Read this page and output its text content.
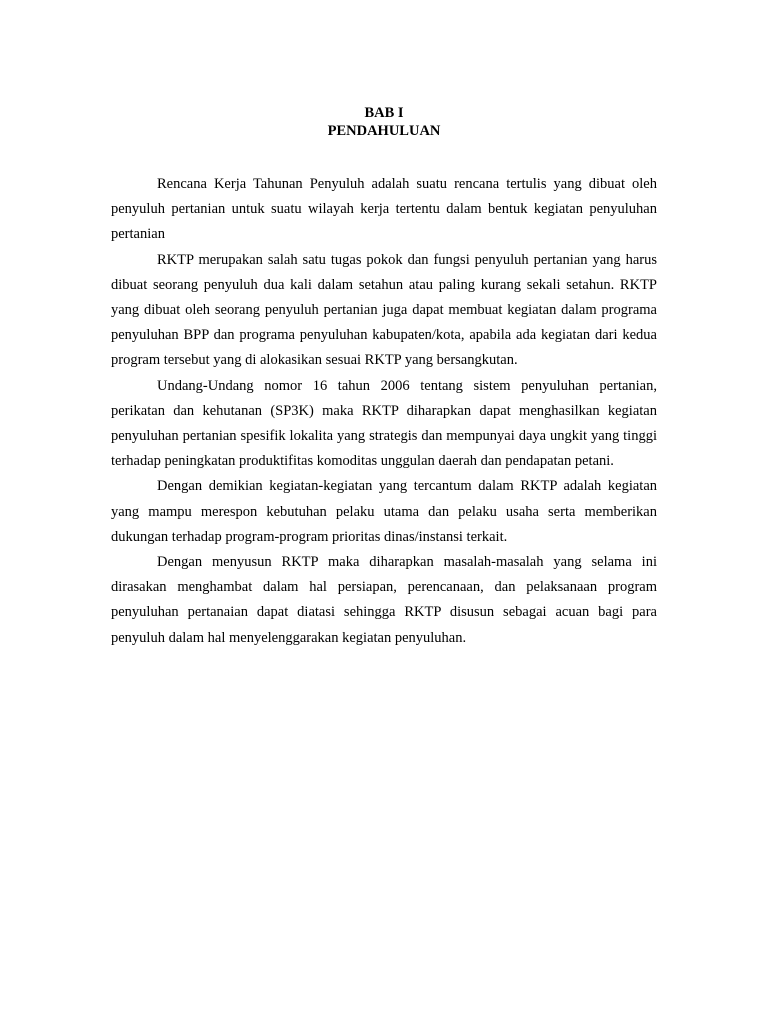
BAB I
PENDAHULUAN

Rencana Kerja Tahunan Penyuluh adalah suatu rencana tertulis yang dibuat oleh penyuluh pertanian untuk suatu wilayah kerja tertentu dalam bentuk kegiatan penyuluhan pertanian

RKTP merupakan salah satu tugas pokok dan fungsi penyuluh pertanian yang harus dibuat seorang penyuluh dua kali dalam setahun atau paling kurang sekali setahun. RKTP yang dibuat oleh seorang penyuluh pertanian juga dapat membuat kegiatan dalam programa penyuluhan BPP dan programa penyuluhan kabupaten/kota, apabila ada kegiatan dari kedua program tersebut yang di alokasikan sesuai RKTP yang bersangkutan.

Undang-Undang nomor 16 tahun 2006 tentang sistem penyuluhan pertanian, perikatan dan kehutanan (SP3K) maka RKTP diharapkan dapat menghasilkan kegiatan penyuluhan pertanian spesifik lokalita yang strategis dan mempunyai daya ungkit yang tinggi terhadap peningkatan produktifitas komoditas unggulan daerah dan pendapatan petani.

Dengan demikian kegiatan-kegiatan yang tercantum dalam RKTP adalah kegiatan yang mampu merespon kebutuhan pelaku utama dan pelaku usaha serta memberikan dukungan terhadap program-program prioritas dinas/instansi terkait.

Dengan menyusun RKTP maka diharapkan masalah-masalah yang selama ini dirasakan menghambat dalam hal persiapan, perencanaan, dan pelaksanaan program penyuluhan pertanaian dapat diatasi sehingga RKTP disusun sebagai acuan bagi para penyuluh dalam hal menyelenggarakan kegiatan penyuluhan.
